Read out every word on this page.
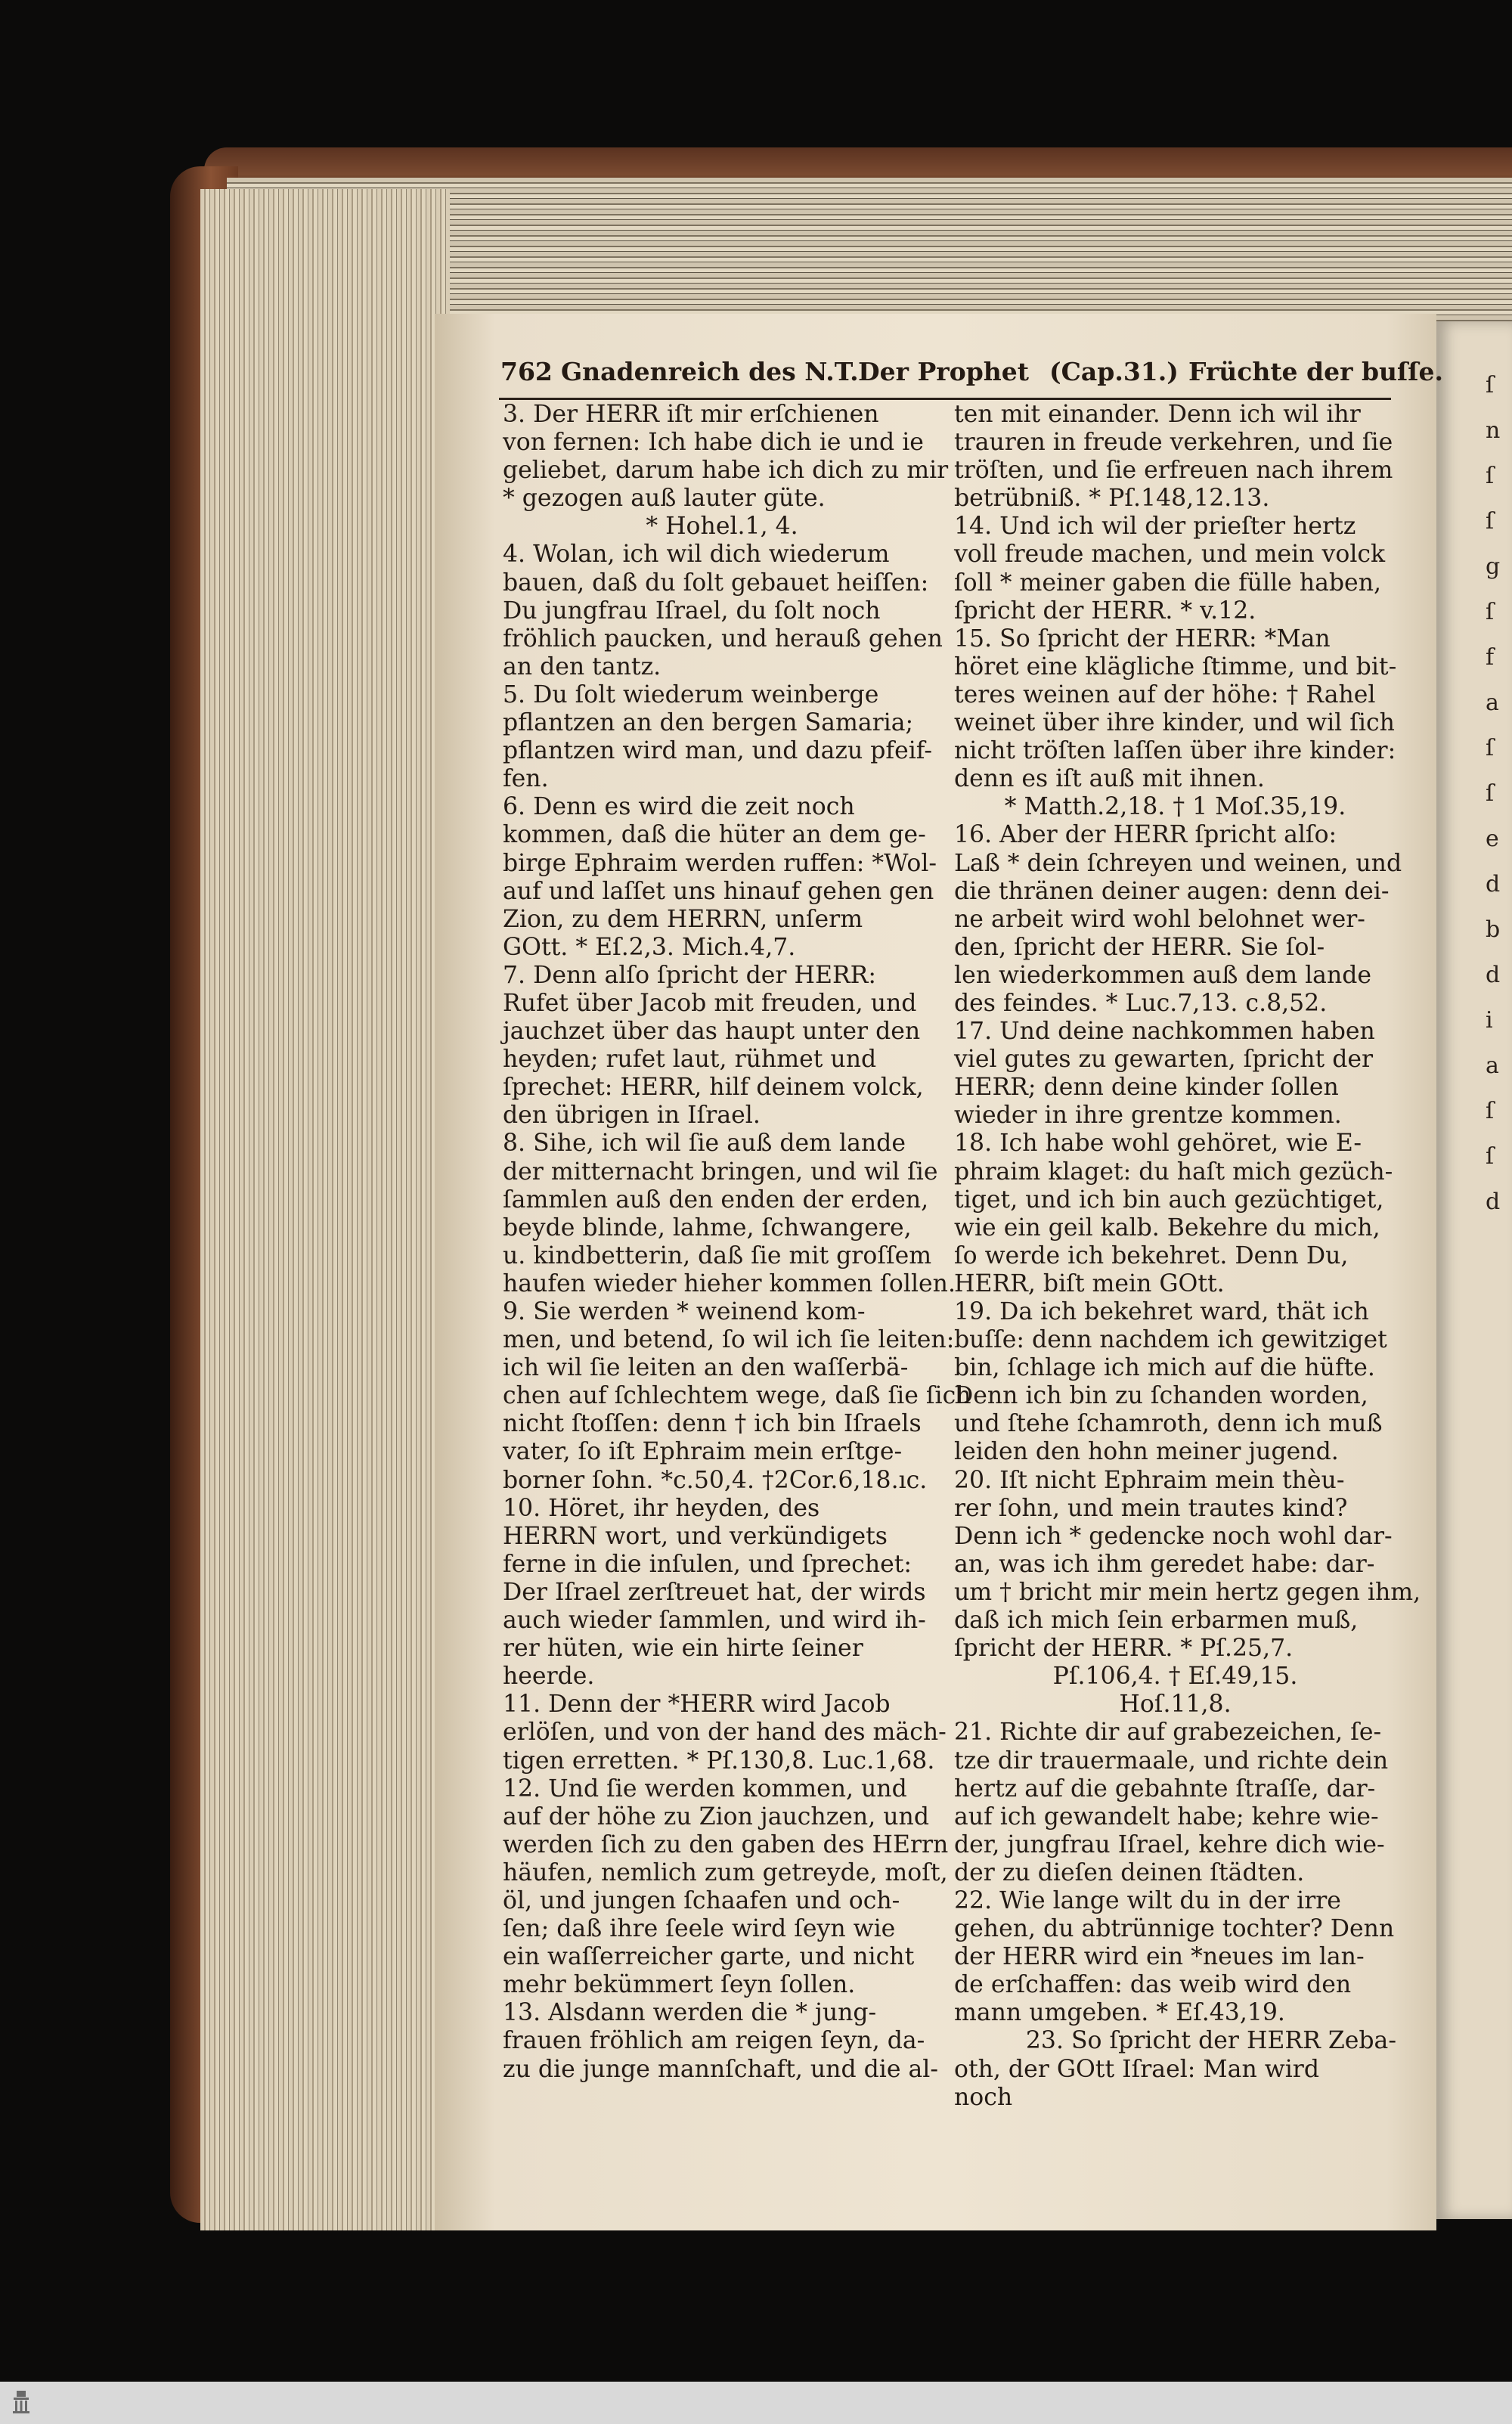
762 Gnadenreich des N.T. Der Prophet (Cap.31.) Früchte der buſſe.

3. Der HERR iſt mir erſchienen

von fernen: Ich habe dich ie und ie

geliebet, darum habe ich dich zu mir

* gezogen auß lauter güte.

* Hohel.1, 4.

4. Wolan, ich wil dich wiederum

bauen, daß du ſolt gebauet heiſſen:

Du jungfrau Iſrael, du ſolt noch

fröhlich paucken, und herauß gehen

an den tantz.

5. Du ſolt wiederum weinberge

pflantzen an den bergen Samaria;

pflantzen wird man, und dazu pfeif-

fen.

6. Denn es wird die zeit noch

kommen, daß die hüter an dem ge-

birge Ephraim werden ruffen: *Wol-

auf und laſſet uns hinauf gehen gen

Zion, zu dem HERRN, unſerm

GOtt. * Eſ.2,3. Mich.4,7.

7. Denn alſo ſpricht der HERR:

Rufet über Jacob mit freuden, und

jauchzet über das haupt unter den

heyden; rufet laut, rühmet und

ſprechet: HERR, hilf deinem volck,

den übrigen in Iſrael.

8. Sihe, ich wil ſie auß dem lande

der mitternacht bringen, und wil ſie

ſammlen auß den enden der erden,

beyde blinde, lahme, ſchwangere,

u. kindbetterin, daß ſie mit groſſem

haufen wieder hieher kommen ſollen.

9. Sie werden * weinend kom-

men, und betend, ſo wil ich ſie leiten:

ich wil ſie leiten an den waſſerbä-

chen auf ſchlechtem wege, daß ſie ſich

nicht ſtoſſen: denn † ich bin Iſraels

vater, ſo iſt Ephraim mein erſtge-

borner ſohn. *c.50,4. †2Cor.6,18.ıc.

10. Höret, ihr heyden, des

HERRN wort, und verkündigets

ferne in die inſulen, und ſprechet:

Der Iſrael zerſtreuet hat, der wirds

auch wieder ſammlen, und wird ih-

rer hüten, wie ein hirte ſeiner

heerde.

11. Denn der *HERR wird Jacob

erlöſen, und von der hand des mäch-

tigen erretten. * Pſ.130,8. Luc.1,68.

12. Und ſie werden kommen, und

auf der höhe zu Zion jauchzen, und

werden ſich zu den gaben des HErrn

häufen, nemlich zum getreyde, moſt,

öl, und jungen ſchaafen und och-

ſen; daß ihre ſeele wird ſeyn wie

ein waſſerreicher garte, und nicht

mehr bekümmert ſeyn ſollen.

13. Alsdann werden die * jung-

frauen fröhlich am reigen ſeyn, da-

zu die junge mannſchaft, und die al-

ten mit einander. Denn ich wil ihr

trauren in freude verkehren, und ſie

tröſten, und ſie erfreuen nach ihrem

betrübniß. * Pſ.148,12.13.

14. Und ich wil der prieſter hertz

voll freude machen, und mein volck

ſoll * meiner gaben die fülle haben,

ſpricht der HERR. * v.12.

15. So ſpricht der HERR: *Man

höret eine klägliche ſtimme, und bit-

teres weinen auf der höhe: † Rahel

weinet über ihre kinder, und wil ſich

nicht tröſten laſſen über ihre kinder:

denn es iſt auß mit ihnen.

* Matth.2,18. † 1 Moſ.35,19.

16. Aber der HERR ſpricht alſo:

Laß * dein ſchreyen und weinen, und

die thränen deiner augen: denn dei-

ne arbeit wird wohl belohnet wer-

den, ſpricht der HERR. Sie ſol-

len wiederkommen auß dem lande

des feindes. * Luc.7,13. c.8,52.

17. Und deine nachkommen haben

viel gutes zu gewarten, ſpricht der

HERR; denn deine kinder ſollen

wieder in ihre grentze kommen.

18. Ich habe wohl gehöret, wie E-

phraim klaget: du haſt mich gezüch-

tiget, und ich bin auch gezüchtiget,

wie ein geil kalb. Bekehre du mich,

ſo werde ich bekehret. Denn Du,

HERR, biſt mein GOtt.

19. Da ich bekehret ward, thät ich

buſſe: denn nachdem ich gewitziget

bin, ſchlage ich mich auf die hüfte.

Denn ich bin zu ſchanden worden,

und ſtehe ſchamroth, denn ich muß

leiden den hohn meiner jugend.

20. Iſt nicht Ephraim mein thèu-

rer ſohn, und mein trautes kind?

Denn ich * gedencke noch wohl dar-

an, was ich ihm geredet habe: dar-

um † bricht mir mein hertz gegen ihm,

daß ich mich ſein erbarmen muß,

ſpricht der HERR. * Pſ.25,7.

Pſ.106,4. † Eſ.49,15.

Hoſ.11,8.

21. Richte dir auf grabezeichen, ſe-

tze dir trauermaale, und richte dein

hertz auf die gebahnte ſtraſſe, dar-

auf ich gewandelt habe; kehre wie-

der, jungfrau Iſrael, kehre dich wie-

der zu dieſen deinen ſtädten.

22. Wie lange wilt du in der irre

gehen, du abtrünnige tochter? Denn

der HERR wird ein *neues im lan-

de erſchaffen: das weib wird den

mann umgeben. * Eſ.43,19.

23. So ſpricht der HERR Zeba-

oth, der GOtt Iſrael: Man wird

noch

ſ
n
ſ
ſ
g
ſ
f
a
ſ
ſ
e
d
b
d
i
a
ſ
ſ
d
